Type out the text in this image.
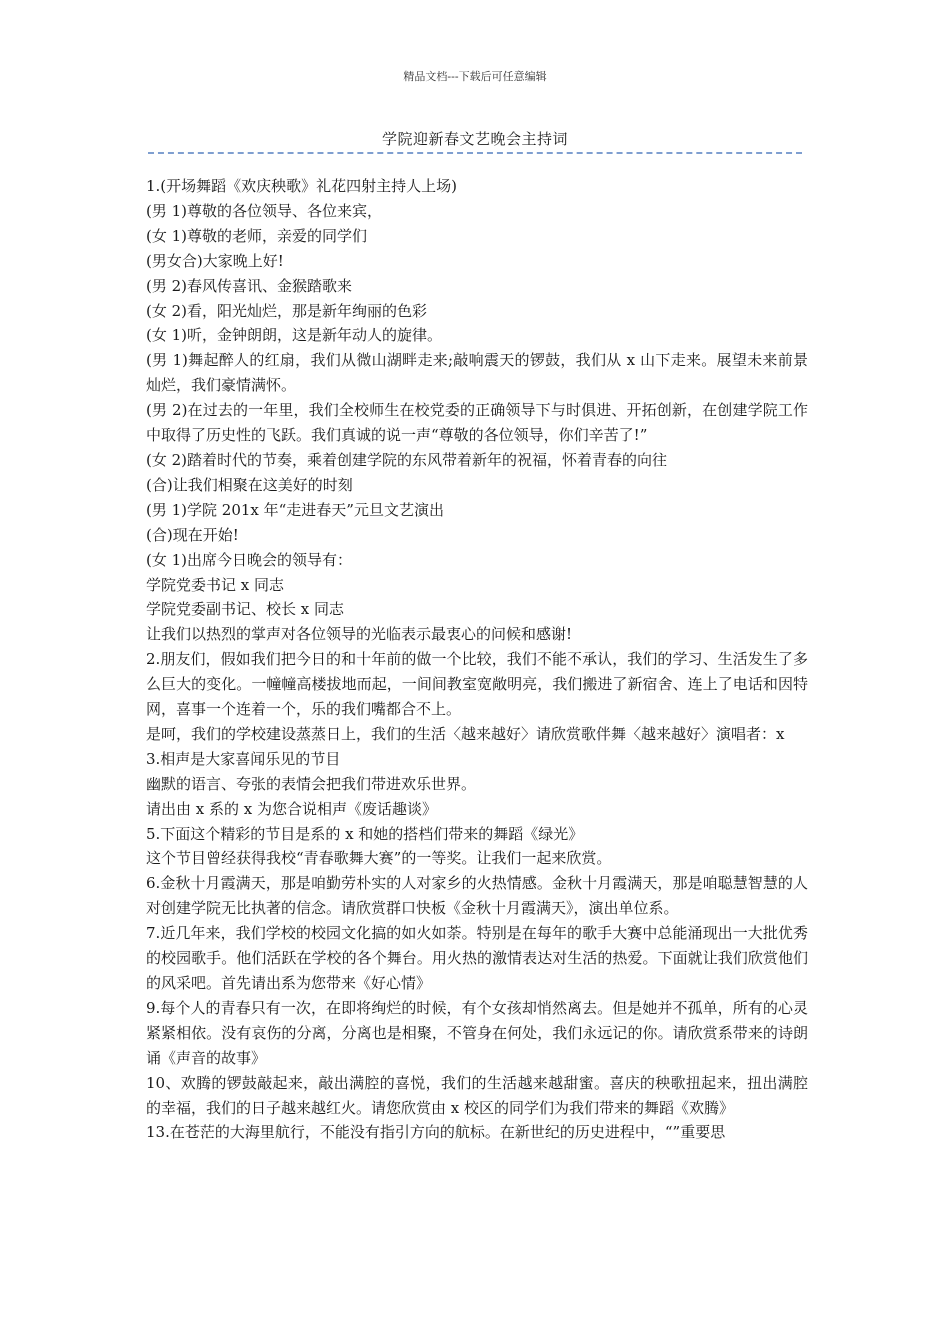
精品文档---下载后可任意编辑
学院迎新春文艺晚会主持词

1.(开场舞蹈《欢庆秧歌》礼花四射主持人上场)

(男 1)尊敬的各位领导、各位来宾，

(女 1)尊敬的老师，亲爱的同学们

(男女合)大家晚上好!

(男 2)春风传喜讯、金猴踏歌来

(女 2)看，阳光灿烂，那是新年绚丽的色彩

(女 1)听，金钟朗朗，这是新年动人的旋律。

(男 1)舞起醉人的红扇，我们从微山湖畔走来;敲响震天的锣鼓，我们从 x 山下走来。展望未来前景灿烂，我们豪情满怀。

(男 2)在过去的一年里，我们全校师生在校党委的正确领导下与时俱进、开拓创新，在创建学院工作中取得了历史性的飞跃。我们真诚的说一声“尊敬的各位领导，你们辛苦了!”

(女 2)踏着时代的节奏，乘着创建学院的东风带着新年的祝福，怀着青春的向往

(合)让我们相聚在这美好的时刻

(男 1)学院 201x 年“走进春天”元旦文艺演出

(合)现在开始!

(女 1)出席今日晚会的领导有：

学院党委书记 x 同志

学院党委副书记、校长 x 同志

让我们以热烈的掌声对各位领导的光临表示最衷心的问候和感谢!

2.朋友们，假如我们把今日的和十年前的做一个比较，我们不能不承认，我们的学习、生活发生了多么巨大的变化。一幢幢高楼拔地而起，一间间教室宽敞明亮，我们搬进了新宿舍、连上了电话和因特网，喜事一个连着一个，乐的我们嘴都合不上。

是呵，我们的学校建设蒸蒸日上，我们的生活〈越来越好〉请欣赏歌伴舞〈越来越好〉演唱者：x

3.相声是大家喜闻乐见的节目

幽默的语言、夸张的表情会把我们带进欢乐世界。

请出由 x 系的 x 为您合说相声《废话趣谈》

5.下面这个精彩的节目是系的 x 和她的搭档们带来的舞蹈《绿光》

这个节目曾经获得我校“青春歌舞大赛”的一等奖。让我们一起来欣赏。

6.金秋十月霞满天，那是咱勤劳朴实的人对家乡的火热情感。金秋十月霞满天，那是咱聪慧智慧的人对创建学院无比执著的信念。请欣赏群口快板《金秋十月霞满天》，演出单位系。

7.近几年来，我们学校的校园文化搞的如火如荼。特别是在每年的歌手大赛中总能涌现出一大批优秀的校园歌手。他们活跃在学校的各个舞台。用火热的激情表达对生活的热爱。下面就让我们欣赏他们的风采吧。首先请出系为您带来《好心情》

9.每个人的青春只有一次，在即将绚烂的时候，有个女孩却悄然离去。但是她并不孤单，所有的心灵紧紧相依。没有哀伤的分离，分离也是相聚，不管身在何处，我们永远记的你。请欣赏系带来的诗朗诵《声音的故事》

10、欢腾的锣鼓敲起来，敲出满腔的喜悦，我们的生活越来越甜蜜。喜庆的秧歌扭起来，扭出满腔的幸福，我们的日子越来越红火。请您欣赏由 x 校区的同学们为我们带来的舞蹈《欢腾》

13.在苍茫的大海里航行，不能没有指引方向的航标。在新世纪的历史进程中，“”重要思
